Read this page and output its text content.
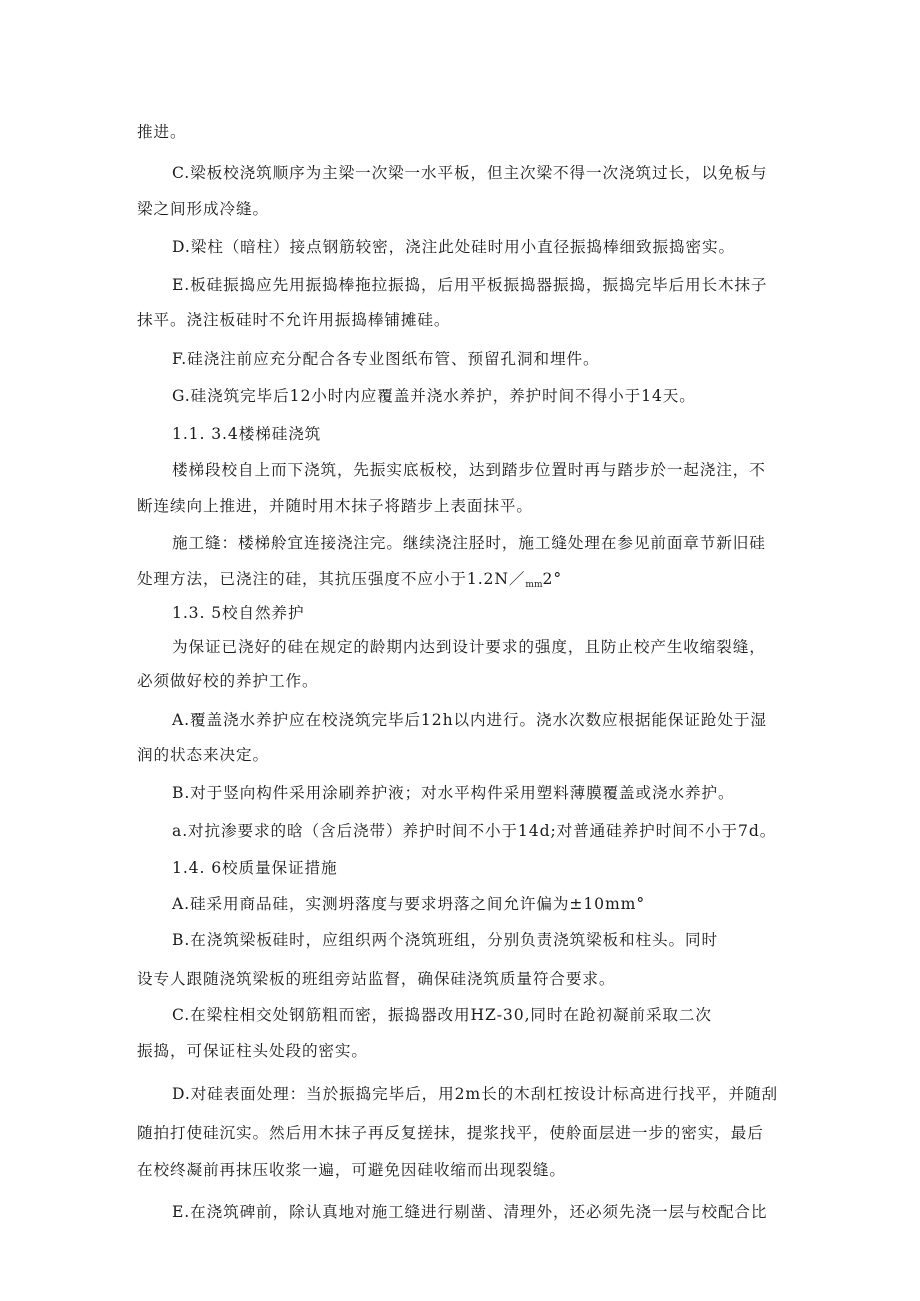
推进。
C.梁板校浇筑顺序为主梁一次梁一水平板，但主次梁不得一次浇筑过长，以免板与
梁之间形成冷缝。
D.梁柱（暗柱）接点钢筋较密，浇注此处硅时用小直径振捣棒细致振捣密实。
E.板硅振捣应先用振捣棒拖拉振捣，后用平板振捣器振捣，振捣完毕后用长木抹子
抹平。浇注板硅时不允许用振捣棒铺摊硅。
F.硅浇注前应充分配合各专业图纸布管、预留孔洞和埋件。
G.硅浇筑完毕后12小时内应覆盖并浇水养护，养护时间不得小于14天。
1.1. 3.4楼梯硅浇筑
楼梯段校自上而下浇筑，先振实底板校，达到踏步位置时再与踏步於一起浇注，不
断连续向上推进，并随时用木抹子将踏步上表面抹平。
施工缝：楼梯舲宜连接浇注完。继续浇注胫时，施工缝处理在参见前面章节新旧硅
处理方法，已浇注的硅，其抗压强度不应小于1.2N／mm2°
1.3. 5校自然养护
为保证已浇好的硅在规定的龄期内达到设计要求的强度，且防止校产生收缩裂缝，
必须做好校的养护工作。
A.覆盖浇水养护应在校浇筑完毕后12h以内进行。浇水次数应根据能保证跄处于湿
润的状态来决定。
B.对于竖向构件采用涂刷养护液；对水平构件采用塑料薄膜覆盖或浇水养护。
a.对抗渗要求的晗（含后浇带）养护时间不小于14d;对普通硅养护时间不小于7d。
1.4. 6校质量保证措施
A.硅采用商品硅，实测坍落度与要求坍落之间允许偏为±10mm°
B.在浇筑梁板硅时，应组织两个浇筑班组，分别负责浇筑梁板和柱头。同时
设专人跟随浇筑梁板的班组旁站监督，确保硅浇筑质量符合要求。
C.在梁柱相交处钢筋粗而密，振捣器改用HZ-30,同时在跄初凝前采取二次
振捣，可保证柱头处段的密实。
D.对硅表面处理：当於振捣完毕后，用2m长的木刮杠按设计标高进行找平，并随刮
随拍打使硅沉实。然后用木抹子再反复搓抹，提浆找平，使舲面层进一步的密实，最后
在校终凝前再抹压收浆一遍，可避免因硅收缩而出现裂缝。
E.在浇筑碑前，除认真地对施工缝进行剔凿、清理外，还必须先浇一层与校配合比
